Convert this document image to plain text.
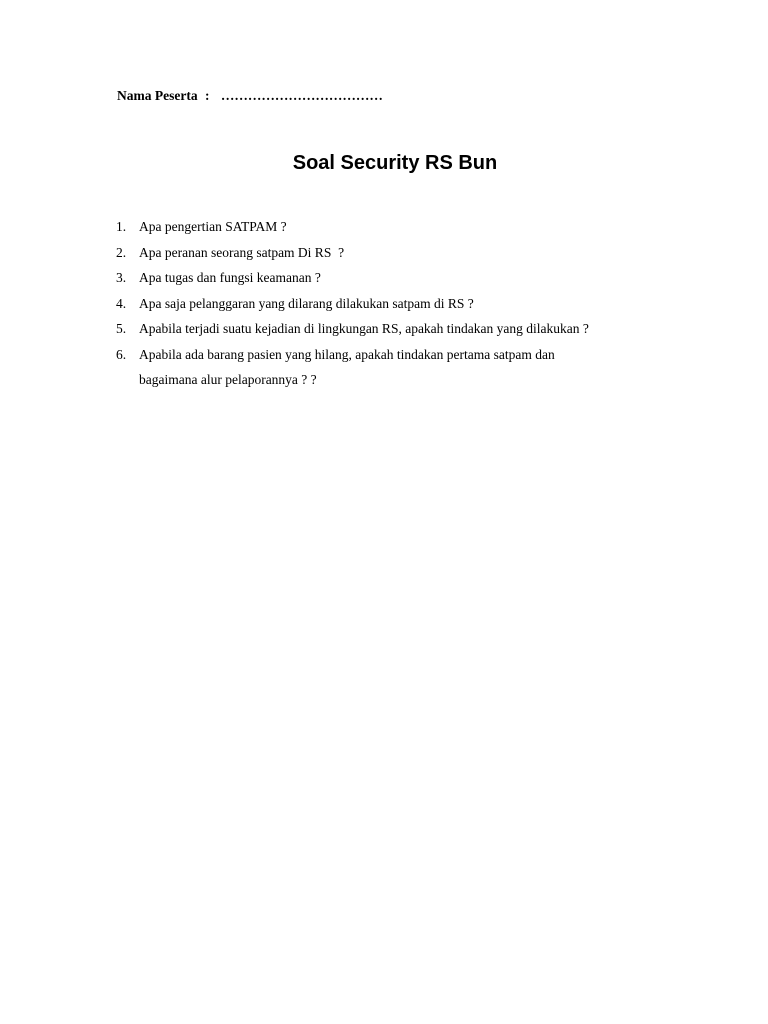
Nama Peserta : ………………………………
Soal Security RS Bun
1. Apa pengertian SATPAM ?
2. Apa peranan seorang satpam Di RS  ?
3. Apa tugas dan fungsi keamanan ?
4. Apa saja pelanggaran yang dilarang dilakukan satpam di RS ?
5. Apabila terjadi suatu kejadian di lingkungan RS, apakah tindakan yang dilakukan ?
6. Apabila ada barang pasien yang hilang, apakah tindakan pertama satpam dan
bagaimana alur pelaporannya ? ?
